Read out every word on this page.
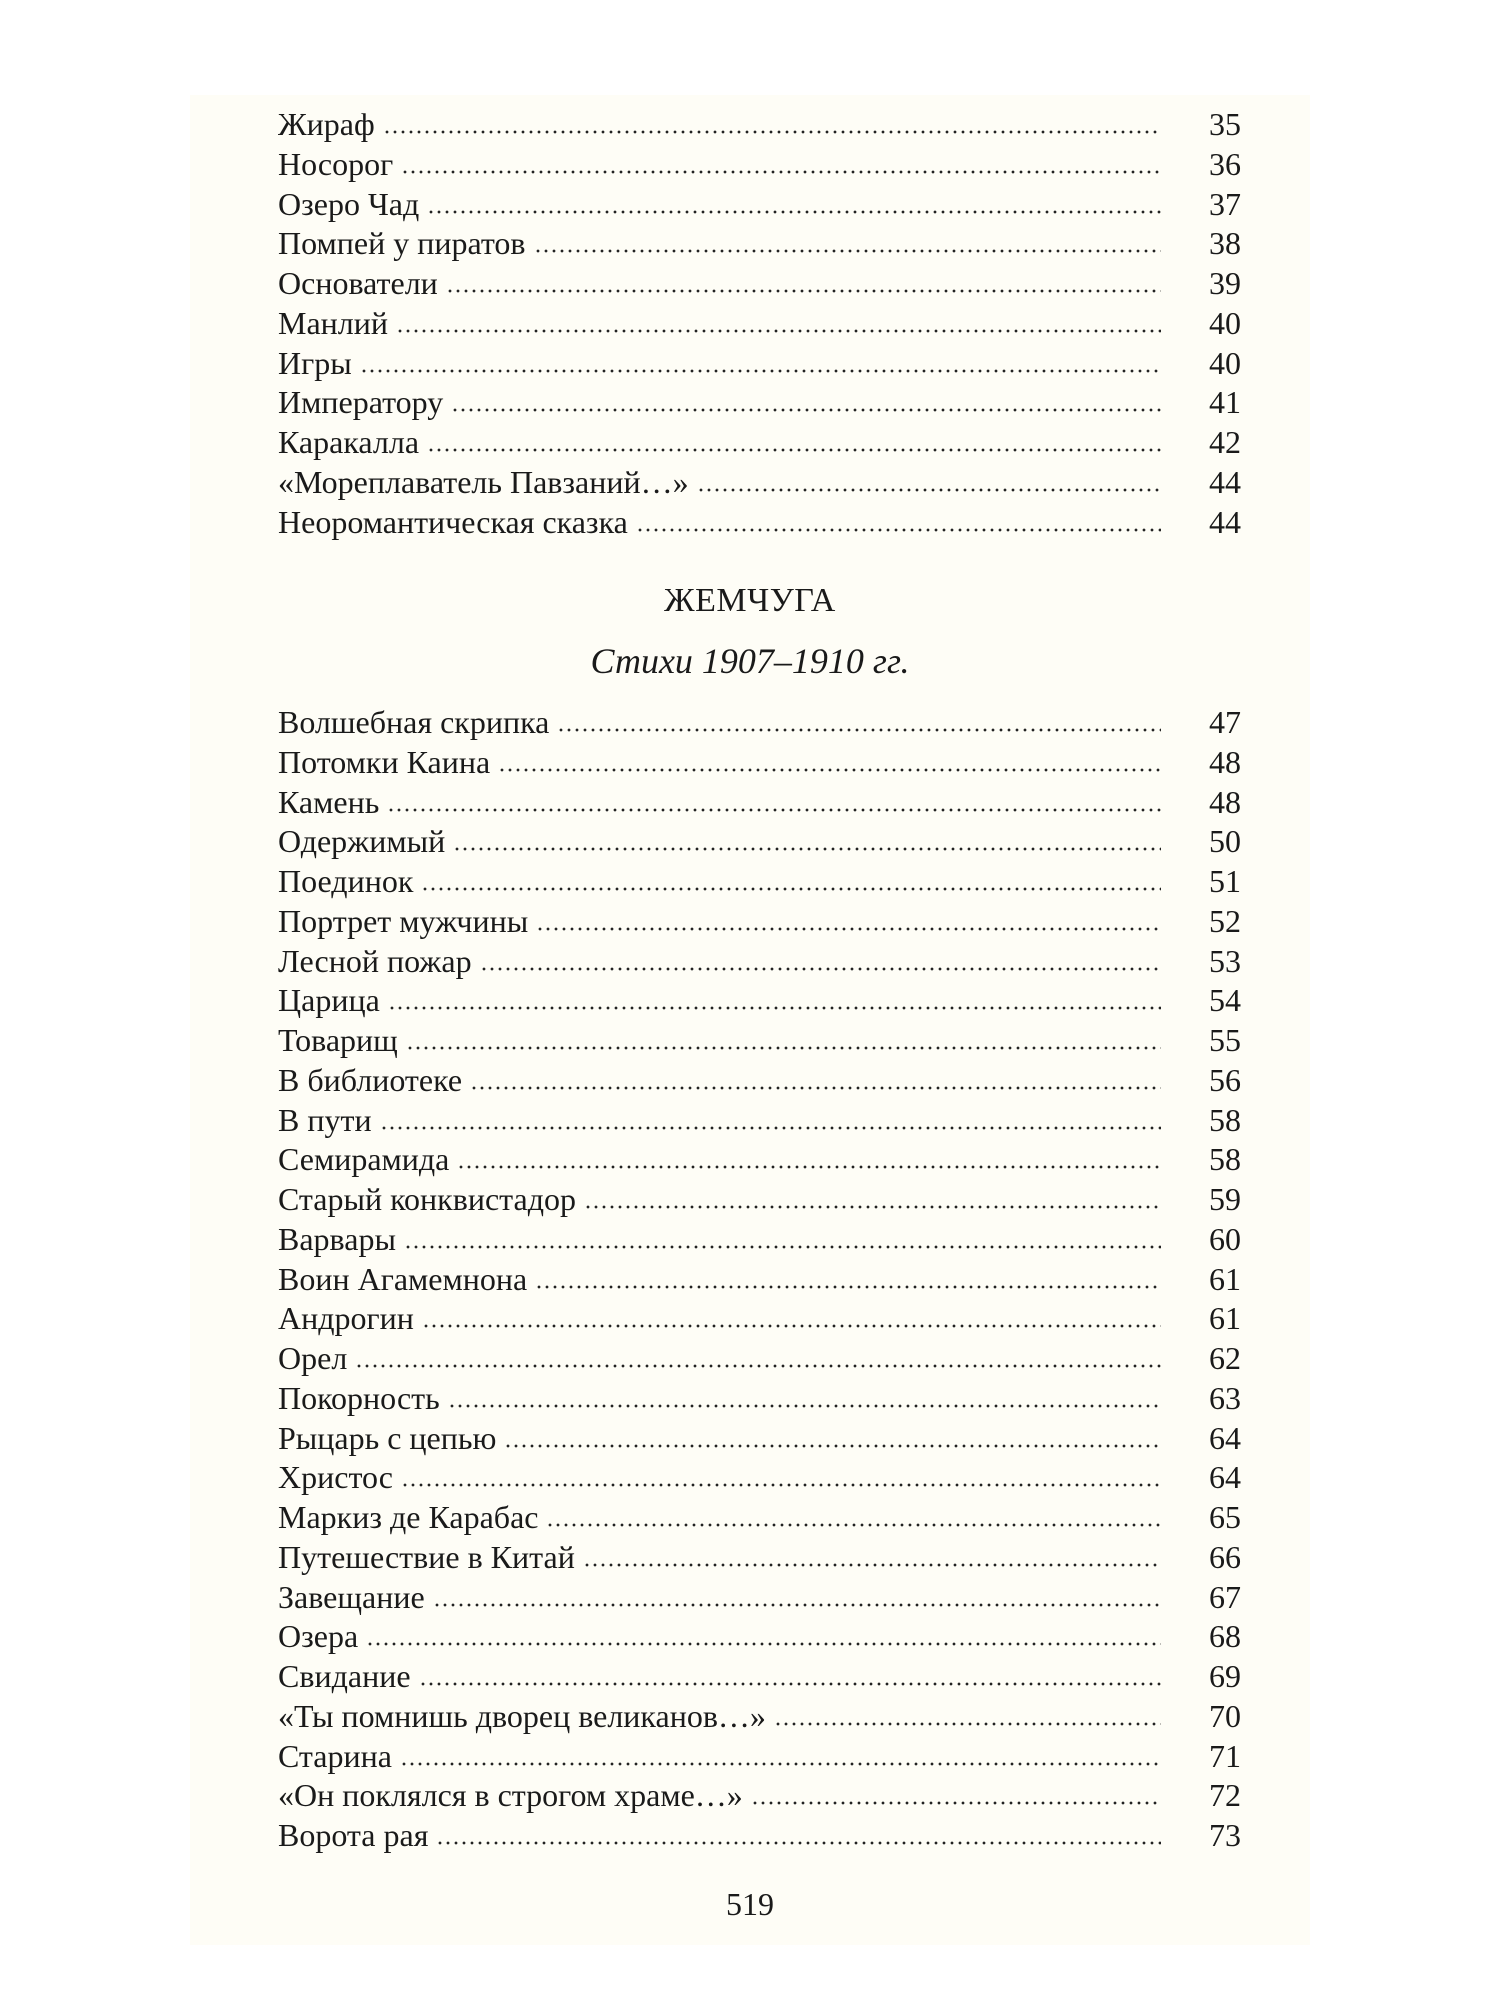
Жираф	35
Носорог	36
Озеро Чад	37
Помпей у пиратов	38
Основатели	39
Манлий	40
Игры	40
Императору	41
Каракалла	42
«Мореплаватель Павзаний…»	44
Неоромантическая сказка	44
ЖЕМЧУГА
Стихи 1907–1910 гг.
Волшебная скрипка	47
Потомки Каина	48
Камень	48
Одержимый	50
Поединок	51
Портрет мужчины	52
Лесной пожар	53
Царица	54
Товарищ	55
В библиотеке	56
В пути	58
Семирамида	58
Старый конквистадор	59
Варвары	60
Воин Агамемнона	61
Андрогин	61
Орел	62
Покорность	63
Рыцарь с цепью	64
Христос	64
Маркиз де Карабас	65
Путешествие в Китай	66
Завещание	67
Озера	68
Свидание	69
«Ты помнишь дворец великанов…»	70
Старина	71
«Он поклялся в строгом храме…»	72
Ворота рая	73
519
